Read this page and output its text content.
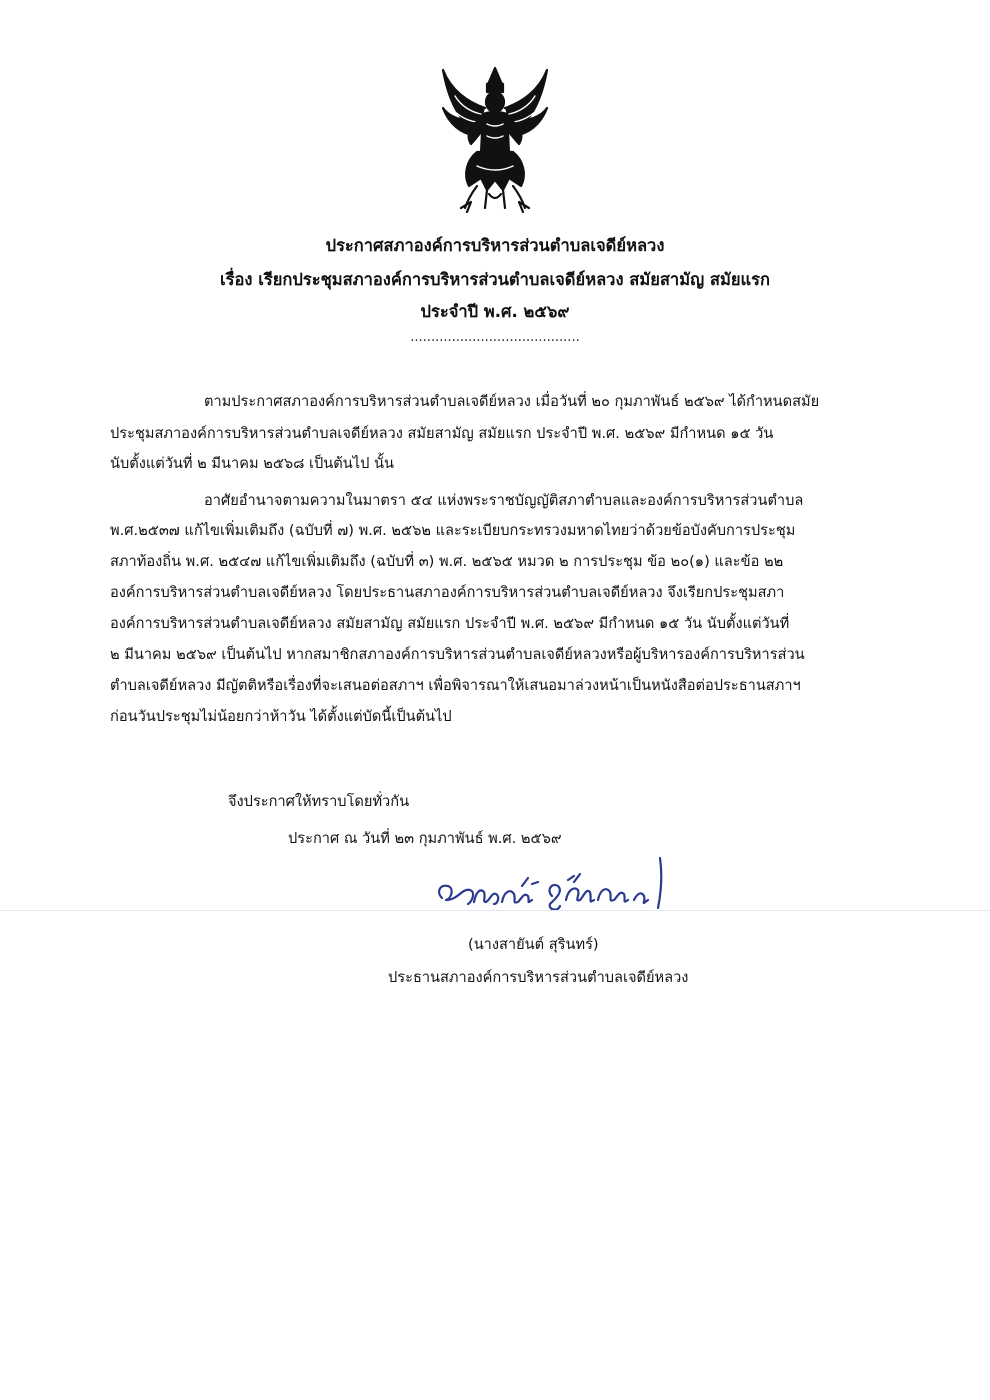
ประกาศสภาองค์การบริหารส่วนตำบลเจดีย์หลวง
เรื่อง เรียกประชุมสภาองค์การบริหารส่วนตำบลเจดีย์หลวง สมัยสามัญ สมัยแรก
ประจำปี พ.ศ. ๒๕๖๙
.........................................
ตามประกาศสภาองค์การบริหารส่วนตำบลเจดีย์หลวง เมื่อวันที่ ๒๐ กุมภาพันธ์ ๒๕๖๙ ได้กำหนดสมัย
ประชุมสภาองค์การบริหารส่วนตำบลเจดีย์หลวง สมัยสามัญ สมัยแรก ประจำปี พ.ศ. ๒๕๖๙ มีกำหนด ๑๕ วัน
นับตั้งแต่วันที่ ๒ มีนาคม ๒๕๖๘ เป็นต้นไป นั้น
อาศัยอำนาจตามความในมาตรา ๕๔ แห่งพระราชบัญญัติสภาตำบลและองค์การบริหารส่วนตำบล
พ.ศ.๒๕๓๗ แก้ไขเพิ่มเติมถึง (ฉบับที่ ๗) พ.ศ. ๒๕๖๒ และระเบียบกระทรวงมหาดไทยว่าด้วยข้อบังคับการประชุม
สภาท้องถิ่น พ.ศ. ๒๕๔๗ แก้ไขเพิ่มเติมถึง (ฉบับที่ ๓) พ.ศ. ๒๕๖๕ หมวด ๒ การประชุม ข้อ ๒๐(๑) และข้อ ๒๒
องค์การบริหารส่วนตำบลเจดีย์หลวง โดยประธานสภาองค์การบริหารส่วนตำบลเจดีย์หลวง จึงเรียกประชุมสภา
องค์การบริหารส่วนตำบลเจดีย์หลวง สมัยสามัญ สมัยแรก ประจำปี พ.ศ. ๒๕๖๙ มีกำหนด ๑๕ วัน นับตั้งแต่วันที่
๒ มีนาคม ๒๕๖๙ เป็นต้นไป หากสมาชิกสภาองค์การบริหารส่วนตำบลเจดีย์หลวงหรือผู้บริหารองค์การบริหารส่วน
ตำบลเจดีย์หลวง มีญัตติหรือเรื่องที่จะเสนอต่อสภาฯ เพื่อพิจารณาให้เสนอมาล่วงหน้าเป็นหนังสือต่อประธานสภาฯ
ก่อนวันประชุมไม่น้อยกว่าห้าวัน ได้ตั้งแต่บัดนี้เป็นต้นไป
จึงประกาศให้ทราบโดยทั่วกัน
ประกาศ ณ วันที่ ๒๓ กุมภาพันธ์ พ.ศ. ๒๕๖๙
(นางสายันต์ สุรินทร์)
ประธานสภาองค์การบริหารส่วนตำบลเจดีย์หลวง
